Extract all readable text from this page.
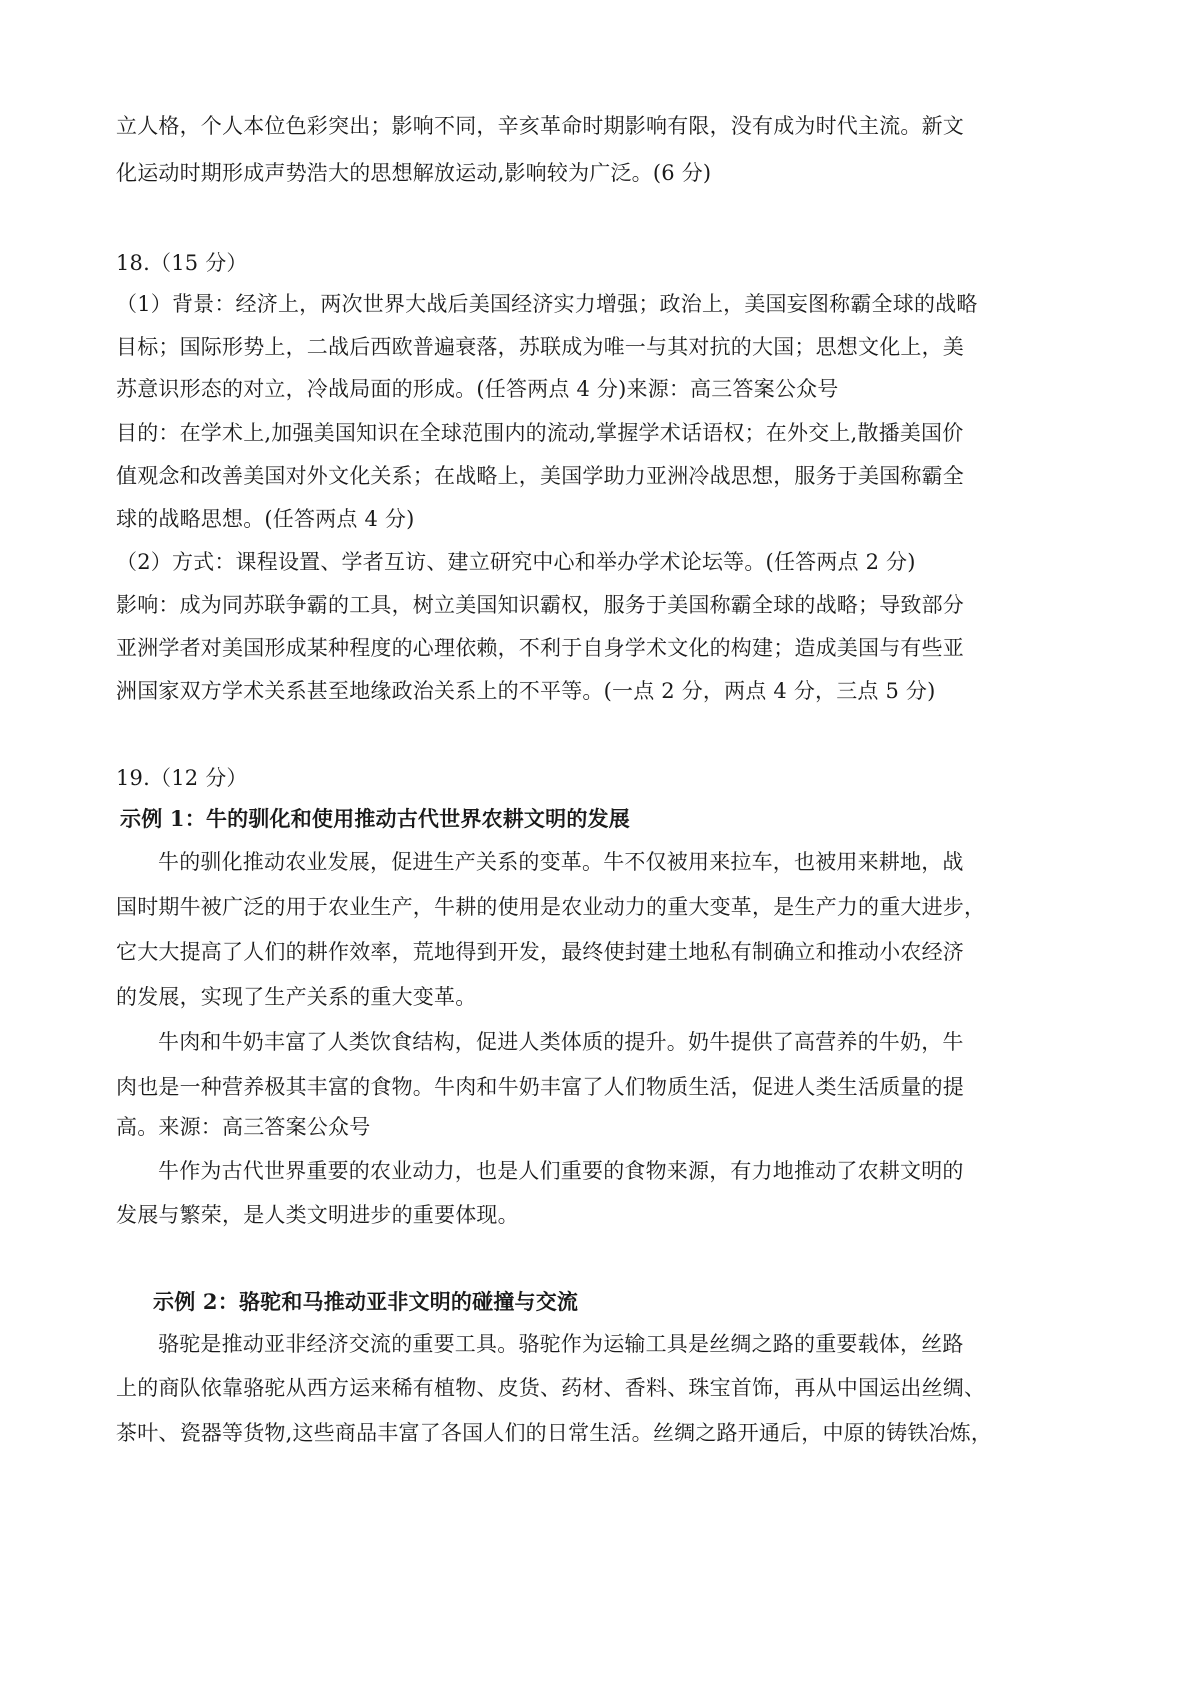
立人格，个人本位色彩突出；影响不同，辛亥革命时期影响有限，没有成为时代主流。新文
化运动时期形成声势浩大的思想解放运动,影响较为广泛。(6 分)
18.（15 分）
（1）背景：经济上，两次世界大战后美国经济实力增强；政治上，美国妄图称霸全球的战略
目标；国际形势上，二战后西欧普遍衰落，苏联成为唯一与其对抗的大国；思想文化上，美
苏意识形态的对立，冷战局面的形成。(任答两点 4 分)来源：高三答案公众号
目的：在学术上,加强美国知识在全球范围内的流动,掌握学术话语权；在外交上,散播美国价
值观念和改善美国对外文化关系；在战略上，美国学助力亚洲冷战思想，服务于美国称霸全
球的战略思想。(任答两点 4 分)
（2）方式：课程设置、学者互访、建立研究中心和举办学术论坛等。(任答两点 2 分)
影响：成为同苏联争霸的工具，树立美国知识霸权，服务于美国称霸全球的战略；导致部分
亚洲学者对美国形成某种程度的心理依赖，不利于自身学术文化的构建；造成美国与有些亚
洲国家双方学术关系甚至地缘政治关系上的不平等。(一点 2 分，两点 4 分，三点 5 分)
19.（12 分）
示例 1：牛的驯化和使用推动古代世界农耕文明的发展
牛的驯化推动农业发展，促进生产关系的变革。牛不仅被用来拉车，也被用来耕地，战
国时期牛被广泛的用于农业生产，牛耕的使用是农业动力的重大变革，是生产力的重大进步，
它大大提高了人们的耕作效率，荒地得到开发，最终使封建土地私有制确立和推动小农经济
的发展，实现了生产关系的重大变革。
牛肉和牛奶丰富了人类饮食结构，促进人类体质的提升。奶牛提供了高营养的牛奶，牛
肉也是一种营养极其丰富的食物。牛肉和牛奶丰富了人们物质生活，促进人类生活质量的提
高。来源：高三答案公众号
牛作为古代世界重要的农业动力，也是人们重要的食物来源，有力地推动了农耕文明的
发展与繁荣，是人类文明进步的重要体现。
示例 2：骆驼和马推动亚非文明的碰撞与交流
骆驼是推动亚非经济交流的重要工具。骆驼作为运输工具是丝绸之路的重要载体，丝路
上的商队依靠骆驼从西方运来稀有植物、皮货、药材、香料、珠宝首饰，再从中国运出丝绸、
茶叶、瓷器等货物,这些商品丰富了各国人们的日常生活。丝绸之路开通后，中原的铸铁冶炼，
